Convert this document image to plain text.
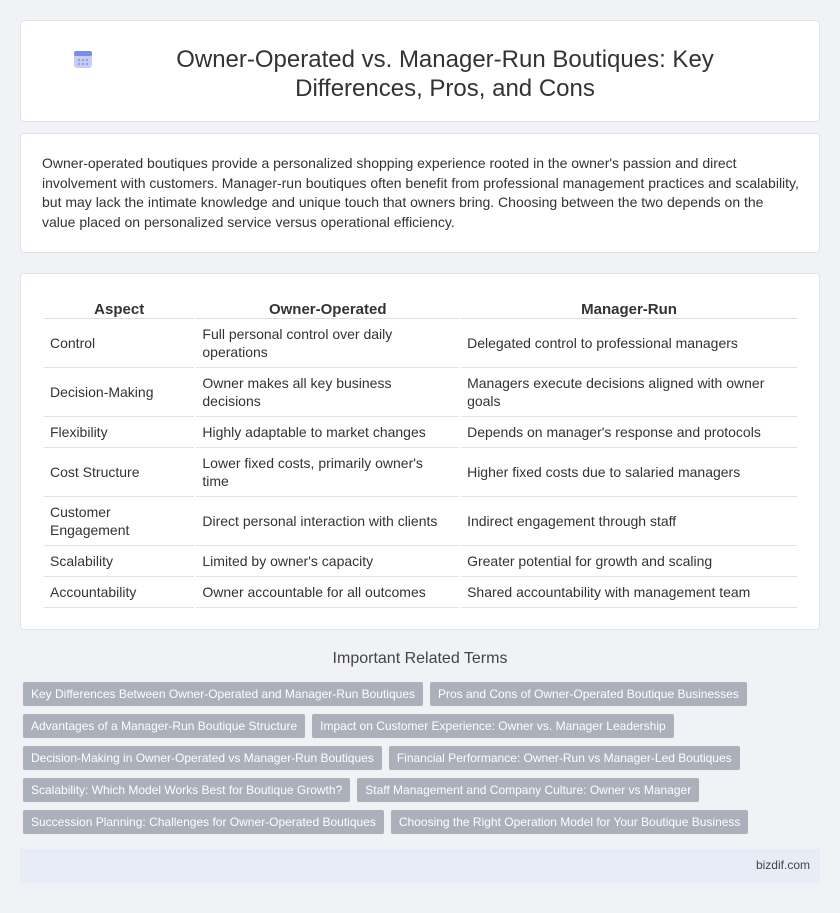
Owner-Operated vs. Manager-Run Boutiques: Key Differences, Pros, and Cons

Owner-operated boutiques provide a personalized shopping experience rooted in the owner's passion and direct involvement with customers. Manager-run boutiques often benefit from professional management practices and scalability, but may lack the intimate knowledge and unique touch that owners bring. Choosing between the two depends on the value placed on personalized service versus operational efficiency.

Aspect	Owner-Operated	Manager-Run
Control	Full personal control over daily operations	Delegated control to professional managers
Decision-Making	Owner makes all key business decisions	Managers execute decisions aligned with owner goals
Flexibility	Highly adaptable to market changes	Depends on manager's response and protocols
Cost Structure	Lower fixed costs, primarily owner's time	Higher fixed costs due to salaried managers
Customer Engagement	Direct personal interaction with clients	Indirect engagement through staff
Scalability	Limited by owner's capacity	Greater potential for growth and scaling
Accountability	Owner accountable for all outcomes	Shared accountability with management team
Important Related Terms
Key Differences Between Owner-Operated and Manager-Run Boutiques	Pros and Cons of Owner-Operated Boutique Businesses
Advantages of a Manager-Run Boutique Structure	Impact on Customer Experience: Owner vs. Manager Leadership
Decision-Making in Owner-Operated vs Manager-Run Boutiques	Financial Performance: Owner-Run vs Manager-Led Boutiques
Scalability: Which Model Works Best for Boutique Growth?	Staff Management and Company Culture: Owner vs Manager
Succession Planning: Challenges for Owner-Operated Boutiques	Choosing the Right Operation Model for Your Boutique Business
bizdif.com
